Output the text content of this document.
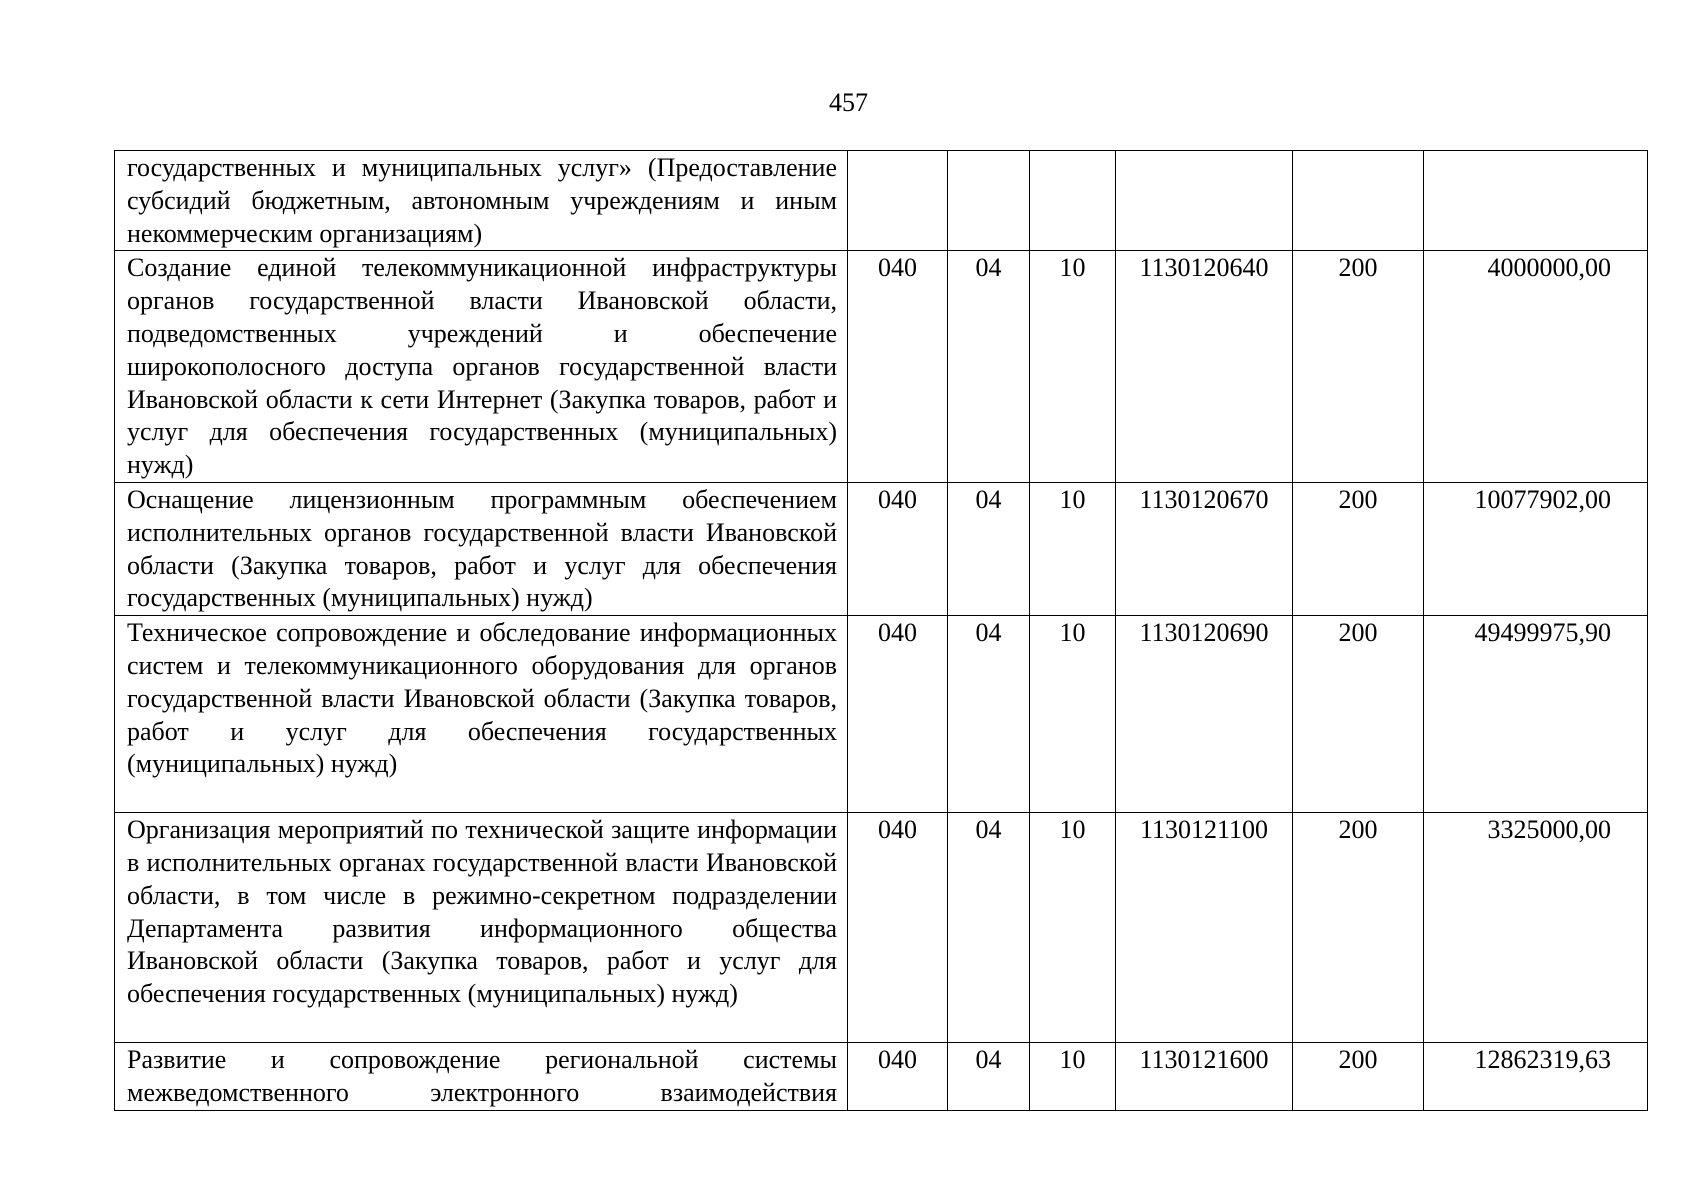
457
государственных и муниципальных услуг» (Предоставление субсидий бюджетным, автономным учреждениям и иным некоммерческим организациям)						
Создание единой телекоммуникационной инфраструктуры органов государственной власти Ивановской области, подведомственных учреждений и обеспечение широкополосного доступа органов государственной власти Ивановской области к сети Интернет (Закупка товаров, работ и услуг для обеспечения государственных (муниципальных) нужд)	040	04	10	1130120640	200	4000000,00
Оснащение лицензионным программным обеспечением исполнительных органов государственной власти Ивановской области (Закупка товаров, работ и услуг для обеспечения государственных (муниципальных) нужд)	040	04	10	1130120670	200	10077902,00
Техническое сопровождение и обследование информационных систем и телекоммуникационного оборудования для органов государственной власти Ивановской области (Закупка товаров, работ и услуг для обеспечения государственных (муниципальных) нужд)	040	04	10	1130120690	200	49499975,90
Организация мероприятий по технической защите информации в исполнительных органах государственной власти Ивановской области, в том числе в режимно-секретном подразделении Департамента развития информационного общества Ивановской области (Закупка товаров, работ и услуг для обеспечения государственных (муниципальных) нужд)	040	04	10	1130121100	200	3325000,00
Развитие и сопровождение региональной системы межведомственного электронного взаимодействия	040	04	10	1130121600	200	12862319,63
